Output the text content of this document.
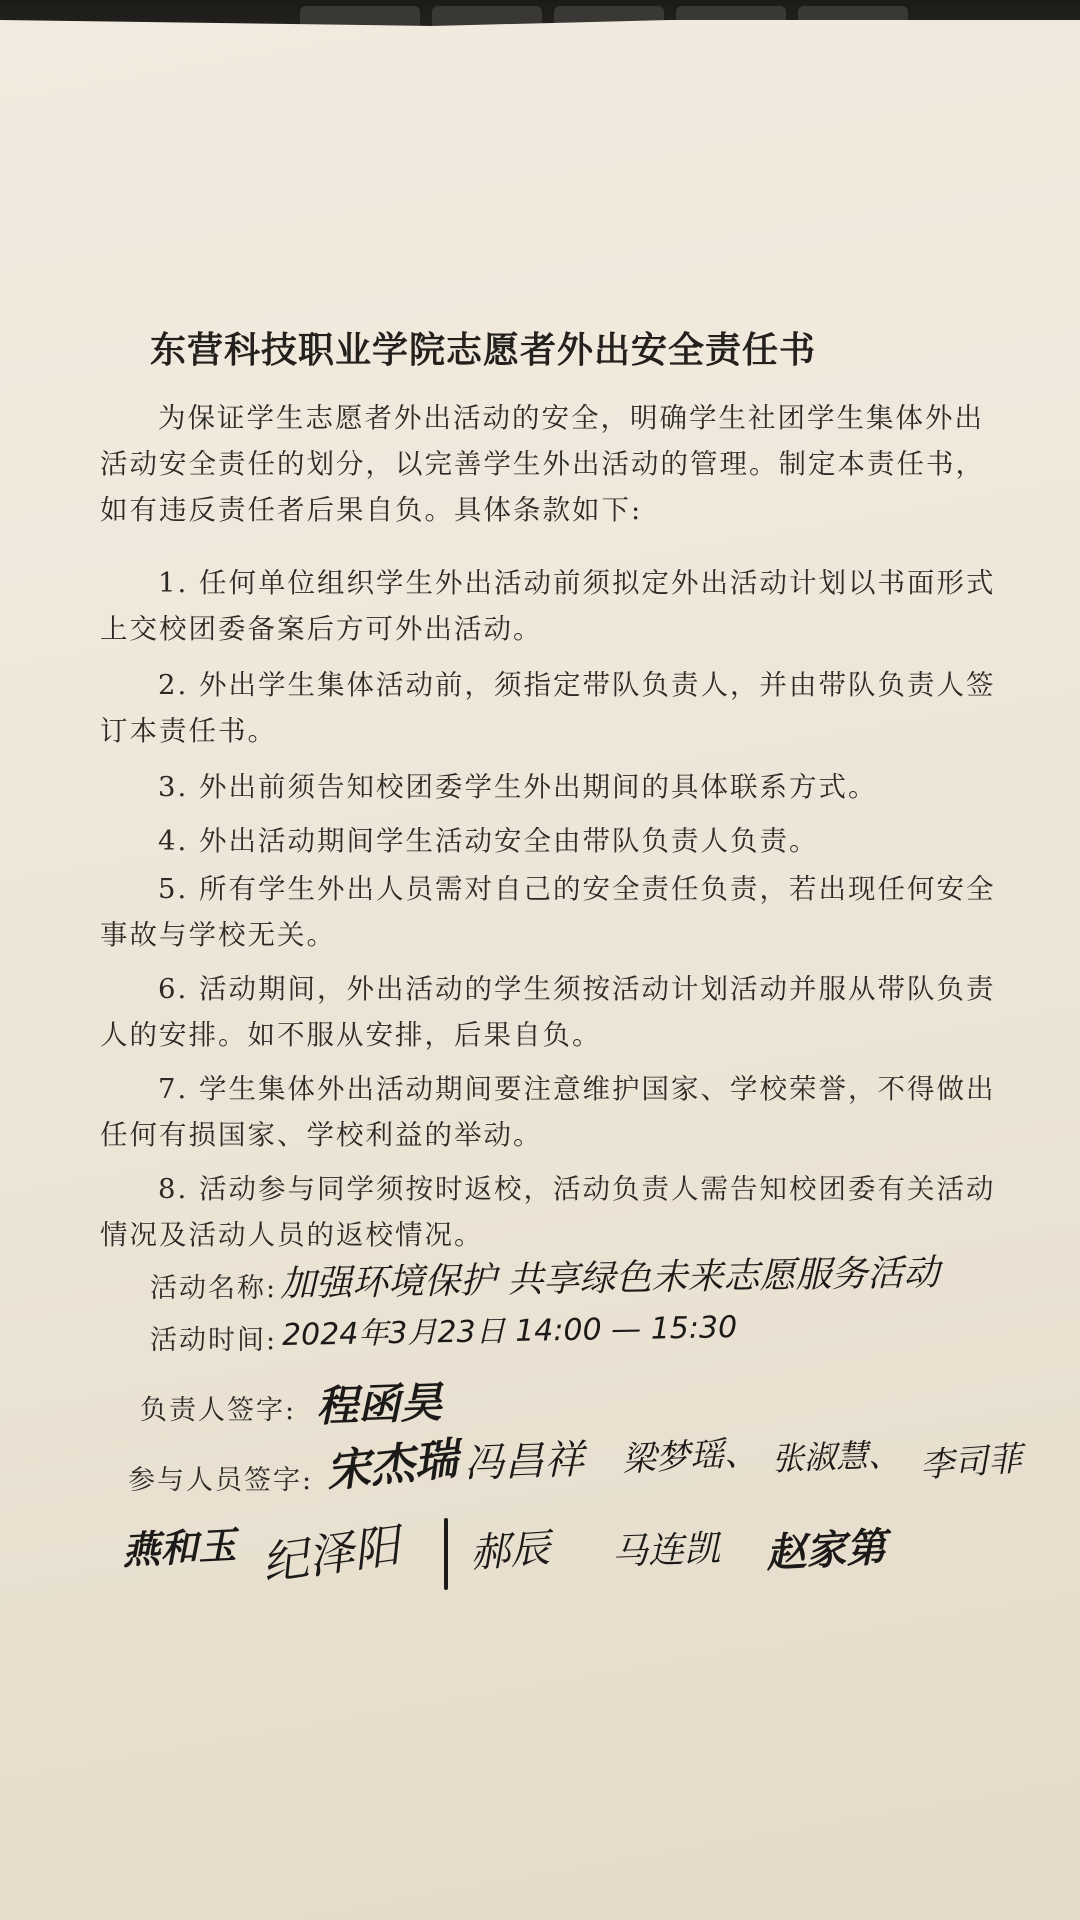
东营科技职业学院志愿者外出安全责任书
为保证学生志愿者外出活动的安全，明确学生社团学生集体外出活动安全责任的划分，以完善学生外出活动的管理。制定本责任书，如有违反责任者后果自负。具体条款如下:
1. 任何单位组织学生外出活动前须拟定外出活动计划以书面形式上交校团委备案后方可外出活动。
2. 外出学生集体活动前，须指定带队负责人，并由带队负责人签订本责任书。
3. 外出前须告知校团委学生外出期间的具体联系方式。
4. 外出活动期间学生活动安全由带队负责人负责。
5. 所有学生外出人员需对自己的安全责任负责，若出现任何安全事故与学校无关。
6. 活动期间，外出活动的学生须按活动计划活动并服从带队负责人的安排。如不服从安排，后果自负。
7. 学生集体外出活动期间要注意维护国家、学校荣誉，不得做出任何有损国家、学校利益的举动。
8. 活动参与同学须按时返校，活动负责人需告知校团委有关活动情况及活动人员的返校情况。
活动名称: 加强环境保护 共享绿色未来志愿服务活动
活动时间: 2024年3月23日 14:00 — 15:30
负责人签字: 程函昊
参与人员签字: 宋杰瑞 冯昌祥 梁梦瑶、 张淑慧、 李司菲
燕和玉 纪泽阳 郝辰 马连凯 赵家第
